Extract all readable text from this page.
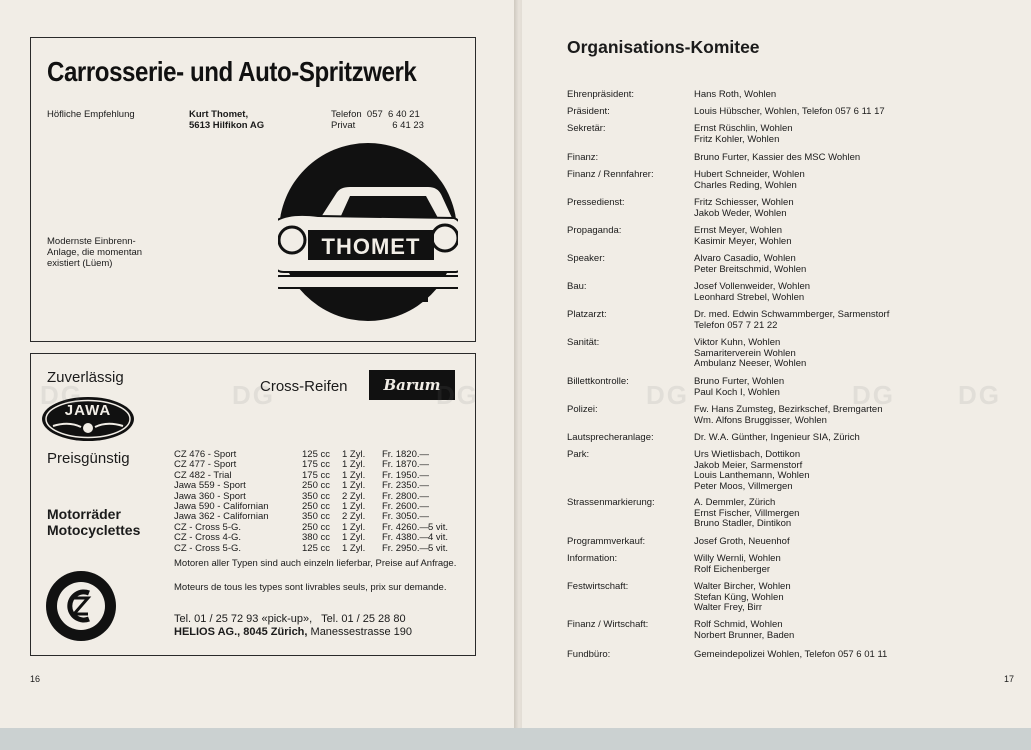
Carrosserie- und Auto-Spritzwerk
Höfliche Empfehlung	Kurt Thomet,
5613 Hilfikon AG
Telefon  057  6 40 21
Privat              6 41 23
Modernste Einbrenn-
Anlage, die momentan
existiert (Lüem)
THOMET
Zuverlässig
JAWA
Preisgünstig
Motorräder
Motocyclettes
Cross-Reifen	Barum
CZ 476 - Sport	125 cc	1 Zyl.	Fr. 1820.—
CZ 477 - Sport	175 cc	1 Zyl.	Fr. 1870.—
CZ 482 - Trial	175 cc	1 Zyl.	Fr. 1950.—
Jawa 559 - Sport	250 cc	1 Zyl.	Fr. 2350.—
Jawa 360 - Sport	350 cc	2 Zyl.	Fr. 2800.—
Jawa 590 - Californian	250 cc	1 Zyl.	Fr. 2600.—
Jawa 362 - Californian	350 cc	2 Zyl.	Fr. 3050.—
CZ - Cross 5-G.	250 cc	1 Zyl.	Fr. 4260.— 5 vit.
CZ - Cross 4-G.	380 cc	1 Zyl.	Fr. 4380.— 4 vit.
CZ - Cross 5-G.	125 cc	1 Zyl.	Fr. 2950.— 5 vit.
Motoren aller Typen sind auch einzeln lieferbar, Preise auf Anfrage.
Moteurs de tous les types sont livrables seuls, prix sur demande.
Tel. 01 / 25 72 93 «pick-up»,   Tel. 01 / 25 28 80
HELIOS AG., 8045 Zürich, Manessestrasse 190
16
DG	DG	DG
Organisations-Komitee
Ehrenpräsident:	Hans Roth, Wohlen
Präsident:	Louis Hübscher, Wohlen, Telefon 057 6 11 17
Sekretär:	Ernst Rüschlin, Wohlen
Fritz Kohler, Wohlen
Finanz:	Bruno Furter, Kassier des MSC Wohlen
Finanz / Rennfahrer:	Hubert Schneider, Wohlen
Charles Reding, Wohlen
Pressedienst:	Fritz Schiesser, Wohlen
Jakob Weder, Wohlen
Propaganda:	Ernst Meyer, Wohlen
Kasimir Meyer, Wohlen
Speaker:	Alvaro Casadio, Wohlen
Peter Breitschmid, Wohlen
Bau:	Josef Vollenweider, Wohlen
Leonhard Strebel, Wohlen
Platzarzt:	Dr. med. Edwin Schwammberger, Sarmenstorf
Telefon 057 7 21 22
Sanität:	Viktor Kuhn, Wohlen
Samariterverein Wohlen
Ambulanz Neeser, Wohlen
Billettkontrolle:	Bruno Furter, Wohlen
Paul Koch I, Wohlen
Polizei:	Fw. Hans Zumsteg, Bezirkschef, Bremgarten
Wm. Alfons Bruggisser, Wohlen
Lautsprecheranlage:	Dr. W.A. Günther, Ingenieur SIA, Zürich
Park:	Urs Wietlisbach, Dottikon
Jakob Meier, Sarmenstorf
Louis Lanthemann, Wohlen
Peter Moos, Villmergen
Strassenmarkierung:	A. Demmler, Zürich
Ernst Fischer, Villmergen
Bruno Stadler, Dintikon
Programmverkauf:	Josef Groth, Neuenhof
Information:	Willy Wernli, Wohlen
Rolf Eichenberger
Festwirtschaft:	Walter Bircher, Wohlen
Stefan Küng, Wohlen
Walter Frey, Birr
Finanz / Wirtschaft:	Rolf Schmid, Wohlen
Norbert Brunner, Baden
Fundbüro:	Gemeindepolizei Wohlen, Telefon 057 6 01 11
17
DG	DG DG
